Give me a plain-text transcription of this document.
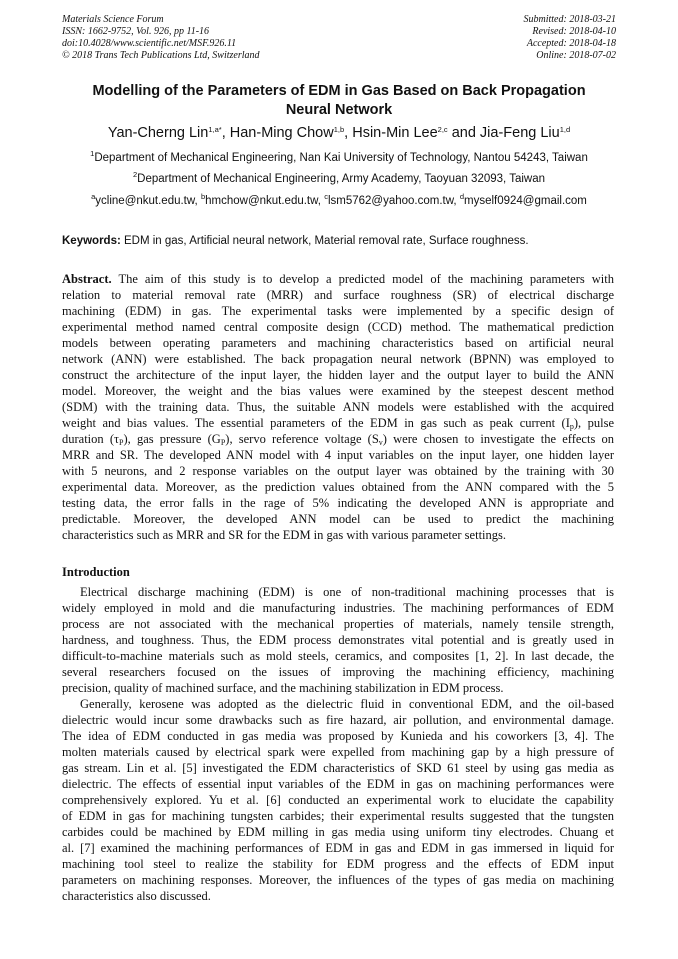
Materials Science Forum
ISSN: 1662-9752, Vol. 926, pp 11-16
doi:10.4028/www.scientific.net/MSF.926.11
© 2018 Trans Tech Publications Ltd, Switzerland
Submitted: 2018-03-21
Revised: 2018-04-10
Accepted: 2018-04-18
Online: 2018-07-02
Modelling of the Parameters of EDM in Gas Based on Back Propagation
Neural Network
Yan-Cherng Lin$^{1,a*}$, Han-Ming Chow$^{1,b}$, Hsin-Min Lee$^{2,c}$ and Jia-Feng Liu$^{1,d}$
$^1$Department of Mechanical Engineering, Nan Kai University of Technology, Nantou 54243, Taiwan
$^2$Department of Mechanical Engineering, Army Academy, Taoyuan 32093, Taiwan
$^a$ycline@nkut.edu.tw, $^b$hmchow@nkut.edu.tw, $^c$lsm5762@yahoo.com.tw, $^d$myself0924@gmail.com
Keywords: EDM in gas, Artificial neural network, Material removal rate, Surface roughness.
Abstract. The aim of this study is to develop a predicted model of the machining parameters with
relation to material removal rate (MRR) and surface roughness (SR) of electrical discharge
machining (EDM) in gas. The experimental tasks were implemented by a specific design of
experimental method named central composite design (CCD) method. The mathematical prediction
models between operating parameters and machining characteristics based on artificial neural
network (ANN) were established. The back propagation neural network (BPNN) was employed to
construct the architecture of the input layer, the hidden layer and the output layer to build the ANN
model. Moreover, the weight and the bias values were examined by the steepest descent method
(SDM) with the training data. Thus, the suitable ANN models were established with the acquired
weight and bias values. The essential parameters of the EDM in gas such as peak current $(I_p)$, pulse
duration $(\tau_P)$, gas pressure $(G_P)$, servo reference voltage $(S_v)$ were chosen to investigate the effects on
MRR and SR. The developed ANN model with 4 input variables on the input layer, one hidden layer
with 5 neurons, and 2 response variables on the output layer was obtained by the training with 30
experimental data. Moreover, as the prediction values obtained from the ANN compared with the 5
testing data, the error falls in the rage of 5% indicating the developed ANN is appropriate and
predictable. Moreover, the developed ANN model can be used to predict the machining
characteristics such as MRR and SR for the EDM in gas with various parameter settings.
Introduction
Electrical discharge machining (EDM) is one of non-traditional machining processes that is
widely employed in mold and die manufacturing industries. The machining performances of EDM
process are not associated with the mechanical properties of materials, namely tensile strength,
hardness, and toughness. Thus, the EDM process demonstrates vital potential and is greatly used in
difficult-to-machine materials such as mold steels, ceramics, and composites [1, 2]. In last decade, the
several researchers focused on the issues of improving the machining efficiency, machining
precision, quality of machined surface, and the machining stabilization in EDM process.
Generally, kerosene was adopted as the dielectric fluid in conventional EDM, and the oil-based
dielectric would incur some drawbacks such as fire hazard, air pollution, and environmental damage.
The idea of EDM conducted in gas media was proposed by Kunieda and his coworkers [3, 4]. The
molten materials caused by electrical spark were expelled from machining gap by a high pressure of
gas stream. Lin et al. [5] investigated the EDM characteristics of SKD 61 steel by using gas media as
dielectric. The effects of essential input variables of the EDM in gas on machining performances were
comprehensively explored. Yu et al. [6] conducted an experimental work to elucidate the capability
of EDM in gas for machining tungsten carbides; their experimental results suggested that the tungsten
carbides could be machined by EDM milling in gas media using uniform tiny electrodes. Chuang et
al. [7] examined the machining performances of EDM in gas and EDM in gas immersed in liquid for
machining tool steel to realize the stability for EDM progress and the effects of EDM input
parameters on machining responses. Moreover, the influences of the types of gas media on machining
characteristics also discussed.
